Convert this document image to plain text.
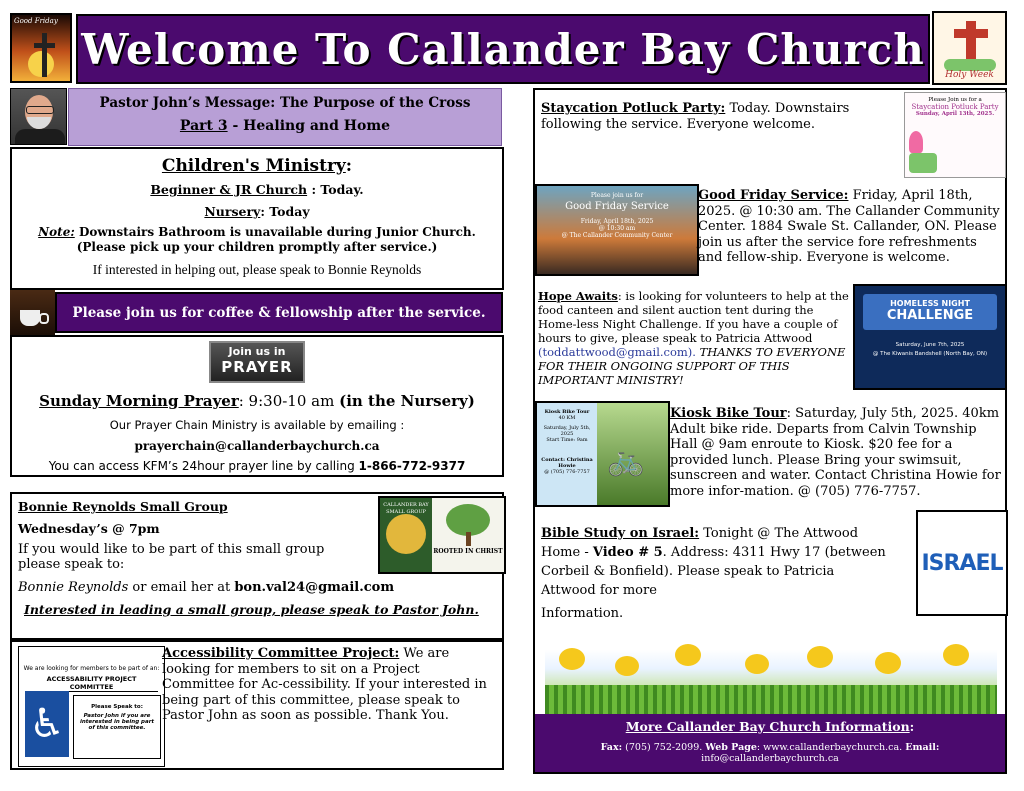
Good Friday
Welcome To Callander Bay Church
Holy Week

Pastor John’s Message: The Purpose of the Cross

Part 3 - Healing and Home

Children's Ministry:

Beginner & JR Church : Today.

Nursery: Today

Note: Downstairs Bathroom is unavailable during Junior Church.

(Please pick up your children promptly after service.)

If interested in helping out, please speak to Bonnie Reynolds

Please join us for coffee & fellowship after the service.
Join us in
PRAYER

Sunday Morning Prayer: 9:30-10 am (in the Nursery)

Our Prayer Chain Ministry is available by emailing :

prayerchain@callanderbaychurch.ca

You can access KFM’s 24hour prayer line by calling 1-866-772-9377

Bonnie Reynolds Small Group

Wednesday’s @ 7pm

If you would like to be part of this small group please speak to:

Bonnie Reynolds or email her at bon.val24@gmail.com

Interested in leading a small group, please speak to Pastor John.

CALLANDER BAY SMALL GROUP
ROOTED IN CHRIST
We are looking for members to be part of an:
ACCESSABILITY PROJECT COMMITTEE
♿	Please Speak to:
Pastor John if you are interested in being part of this committee.

Accessibility Committee Project: We are looking for members to sit on a Project Committee for Ac-cessibility. If your interested in being part of this committee, please speak to Pastor John as soon as possible. Thank You.

Staycation Potluck Party: Today. Downstairs following the service. Everyone welcome.

Please Join us for a
Staycation Potluck Party
Sunday, April 13th, 2025.
Please join us for
Good Friday Service
Friday, April 18th, 2025
@ 10:30 am
@ The Callander Community Center

Good Friday Service: Friday, April 18th, 2025. @ 10:30 am. The Callander Community Center. 1884 Swale St. Callander, ON. Please join us after the service fore refreshments and fellow-ship. Everyone is welcome.

Hope Awaits: is looking for volunteers to help at the food canteen and silent auction tent during the Home-less Night Challenge. If you have a couple of hours to give, please speak to Patricia Attwood
(toddattwood@gmail.com). THANKS TO EVERYONE FOR THEIR ONGOING SUPPORT OF THIS IMPORTANT MINISTRY!

HOMELESS NIGHT
CHALLENGE
Saturday, June 7th, 2025
@ The Kiwanis Bandshell (North Bay, ON)
Kiosk Bike Tour
40 KM
Saturday, July 5th, 2025
Start Time: 9am
Contact: Christina Howie
@ (705) 776-7757 🚲

Kiosk Bike Tour: Saturday, July 5th, 2025. 40km Adult bike ride. Departs from Calvin Township Hall @ 9am enroute to Kiosk. $20 fee for a provided lunch. Please Bring your swimsuit, sunscreen and water. Contact Christina Howie for more infor-mation. @ (705) 776-7757.

Bible Study on Israel: Tonight @ The Attwood Home - Video # 5. Address: 4311 Hwy 17 (between Corbeil & Bonfield). Please speak to Patricia Attwood for more
Information.

ISRAEL

More Callander Bay Church Information:

Fax: (705) 752-2099. Web Page: www.callanderbaychurch.ca. Email: info@callanderbaychurch.ca
